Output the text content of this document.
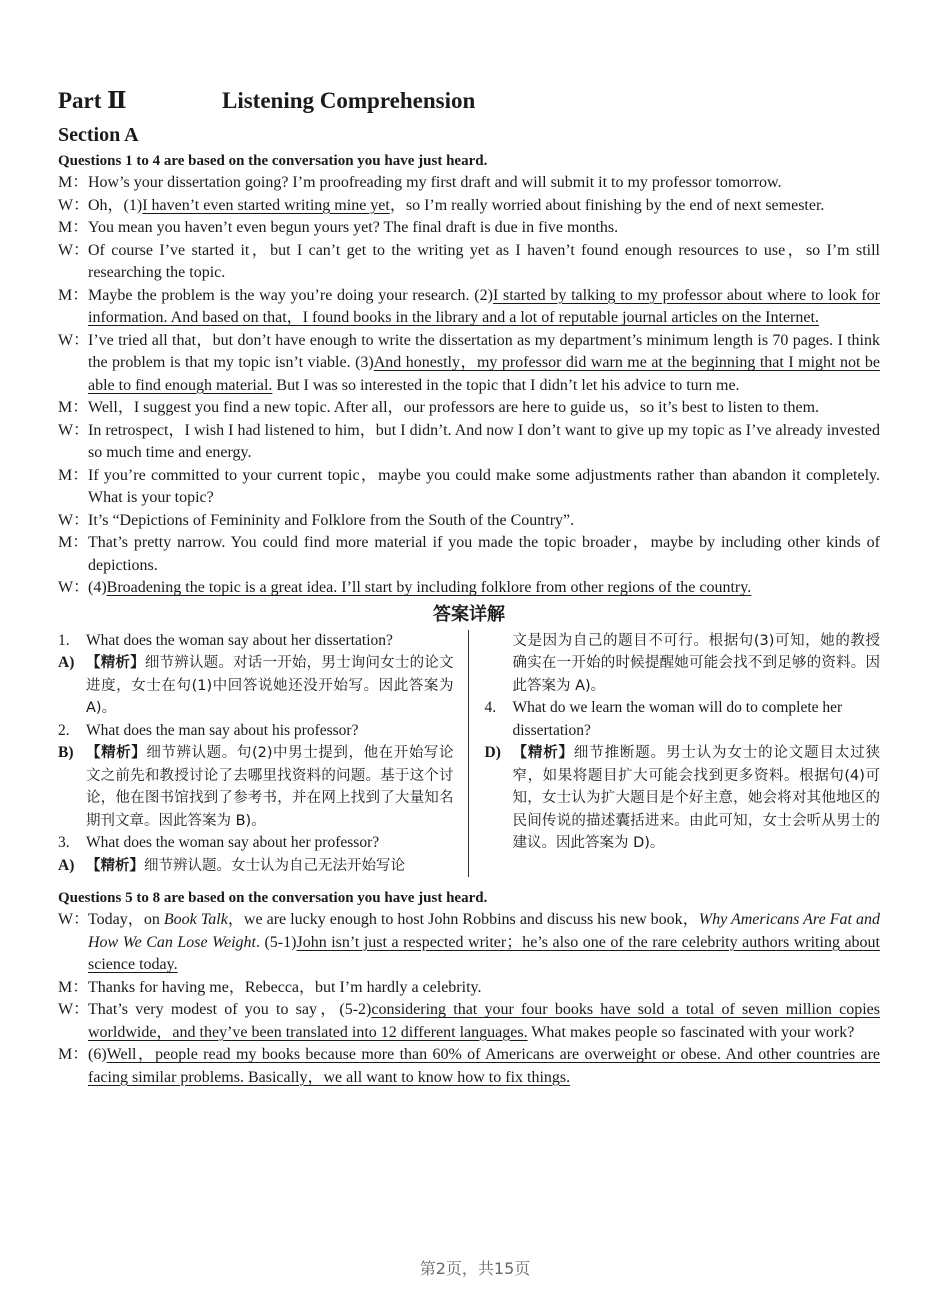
Part Ⅱ	Listening Comprehension
Section A
Questions 1 to 4 are based on the conversation you have just heard.
M： How’s your dissertation going? I’m proofreading my first draft and will submit it to my professor tomorrow.
W：
Oh，(1)I haven’t even started writing mine yet，so I’m really worried about finishing by the end of next semester.
M： You mean you haven’t even begun yours yet? The final draft is due in five months.
W：
Of course I’ve started it，but I can’t get to the writing yet as I haven’t found enough resources to use，so I’m still researching the topic.
M： Maybe the problem is the way you’re doing your research. (2)I started by talking to my professor about where to look for information. And based on that，I found books in the library and a lot of reputable journal articles on the Internet.
W：
I’ve tried all that，but don’t have enough to write the dissertation as my department’s minimum length is 70 pages. I think the problem is that my topic isn’t viable. (3)And honestly，my professor did warn me at the beginning that I might not be able to find enough material. But I was so interested in the topic that I didn’t let his advice to turn me.
M： Well，I suggest you find a new topic. After all，our professors are here to guide us，so it’s best to listen to them.
W：
In retrospect，I wish I had listened to him，but I didn’t. And now I don’t want to give up my topic as I’ve already invested so much time and energy.
M： If you’re committed to your current topic，maybe you could make some adjustments rather than abandon it completely. What is your topic?
W：
It’s “Depictions of Femininity and Folklore from the South of the Country”.
M： That’s pretty narrow. You could find more material if you made the topic broader，maybe by including other kinds of depictions.
W：
(4)Broadening the topic is a great idea. I’ll start by including folklore from other regions of the country.
答案详解
1.	What does the woman say about her dissertation?
A) 【精析】细节辨认题。对话一开始，男士询问女士的论文进度，女士在句(1)中回答说她还没开始写。因此答案为 A)。
2.	What does the man say about his professor?
B) 【精析】细节辨认题。句(2)中男士提到，他在开始写论文之前先和教授讨论了去哪里找资料的问题。基于这个讨论，他在图书馆找到了参考书，并在网上找到了大量知名期刊文章。因此答案为 B)。
3.	What does the woman say about her professor?
A) 【精析】细节辨认题。女士认为自己无法开始写论
文是因为自己的题目不可行。根据句(3)可知，她的教授确实在一开始的时候提醒她可能会找不到足够的资料。因此答案为 A)。
4.	What do we learn the woman will do to complete her dissertation?
D) 【精析】细节推断题。男士认为女士的论文题目太过狭窄，如果将题目扩大可能会找到更多资料。根据句(4)可知，女士认为扩大题目是个好主意，她会将对其他地区的民间传说的描述囊括进来。由此可知，女士会听从男士的建议。因此答案为 D)。
Questions 5 to 8 are based on the conversation you have just heard.
W：
Today，on Book Talk，we are lucky enough to host John Robbins and discuss his new book，Why Americans Are Fat and How We Can Lose Weight. (5-1)John isn’t just a respected writer；he’s also one of the rare celebrity authors writing about science today.
M： Thanks for having me，Rebecca，but I’m hardly a celebrity.
W：
That’s very modest of you to say，(5-2)considering that your four books have sold a total of seven million copies worldwide，and they’ve been translated into 12 different languages. What makes people so fascinated with your work?
M： (6)Well，people read my books because more than 60% of Americans are overweight or obese. And other countries are facing similar problems. Basically，we all want to know how to fix things.
第2页，共15页
